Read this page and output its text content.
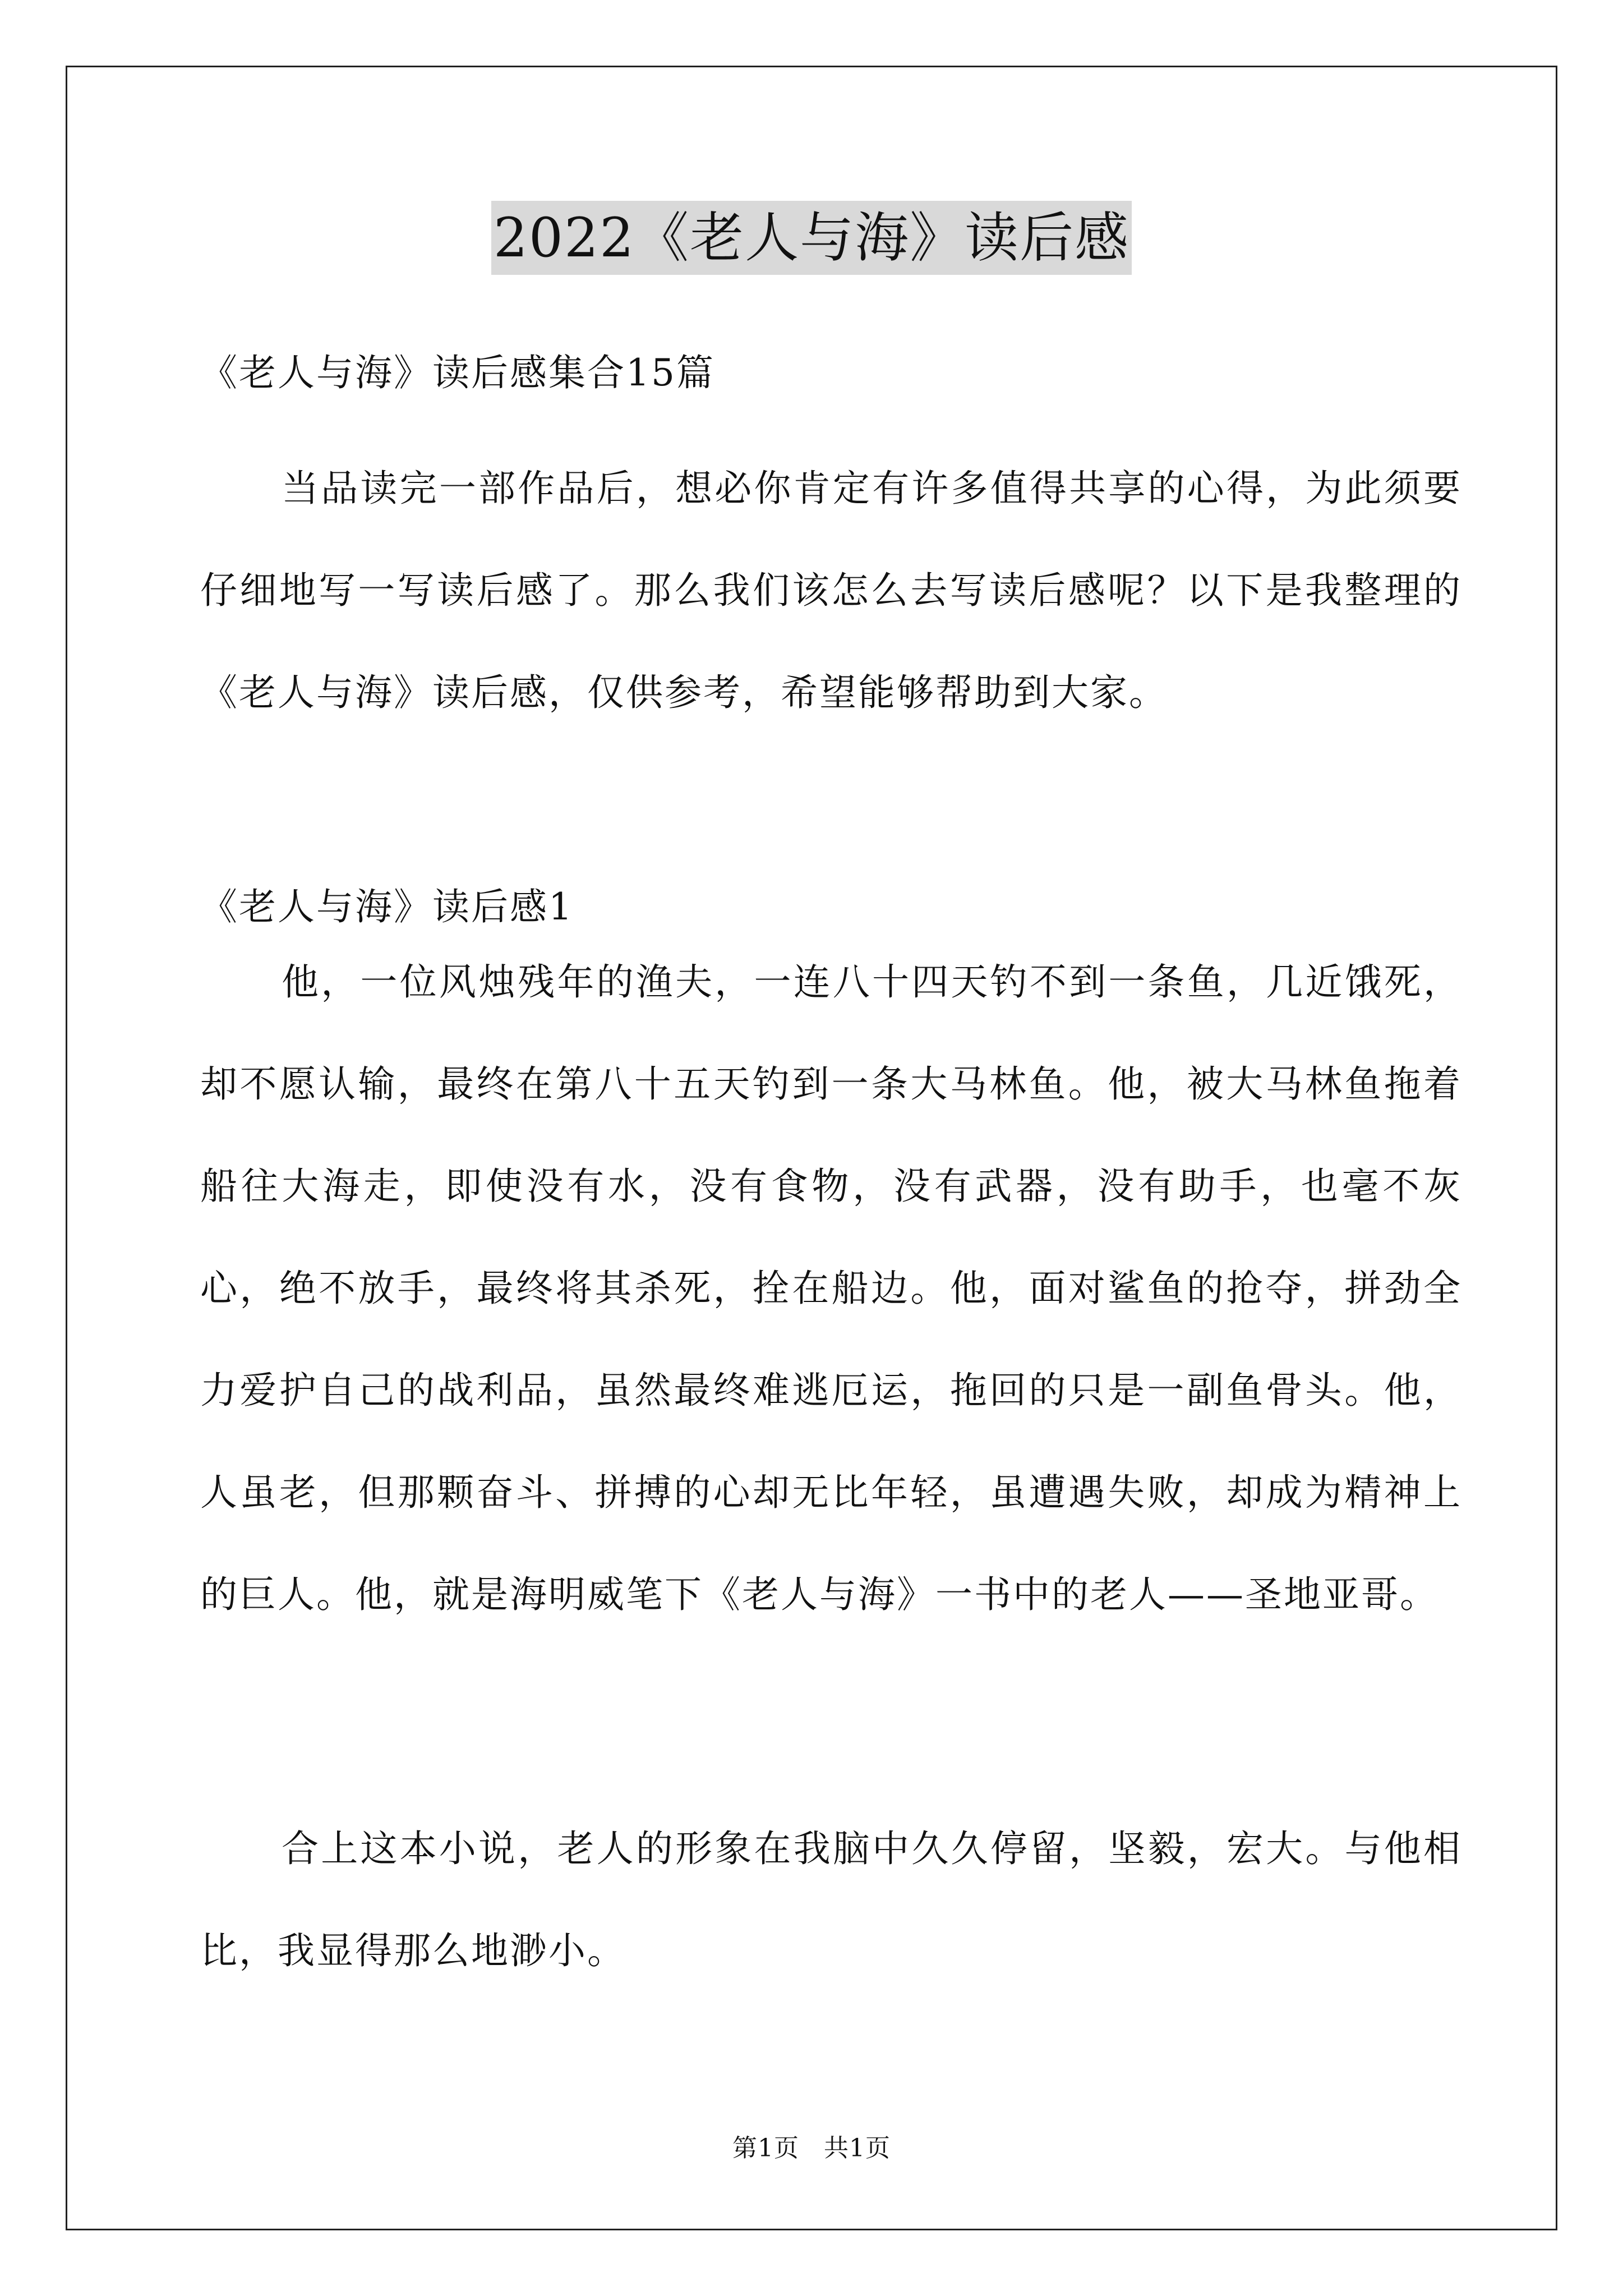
2022《老人与海》读后感
《老人与海》读后感集合15篇
当品读完一部作品后，想必你肯定有许多值得共享的心得，为此须要仔细地写一写读后感了。那么我们该怎么去写读后感呢？以下是我整理的《老人与海》读后感，仅供参考，希望能够帮助到大家。
《老人与海》读后感1
他，一位风烛残年的渔夫，一连八十四天钓不到一条鱼，几近饿死，却不愿认输，最终在第八十五天钓到一条大马林鱼。他，被大马林鱼拖着船往大海走，即使没有水，没有食物，没有武器，没有助手，也毫不灰心，绝不放手，最终将其杀死，拴在船边。他，面对鲨鱼的抢夺，拼劲全力爱护自己的战利品，虽然最终难逃厄运，拖回的只是一副鱼骨头。他，人虽老，但那颗奋斗、拼搏的心却无比年轻，虽遭遇失败，却成为精神上的巨人。他，就是海明威笔下《老人与海》一书中的老人——圣地亚哥。
合上这本小说，老人的形象在我脑中久久停留，坚毅，宏大。与他相比，我显得那么地渺小。
第1页 共1页
